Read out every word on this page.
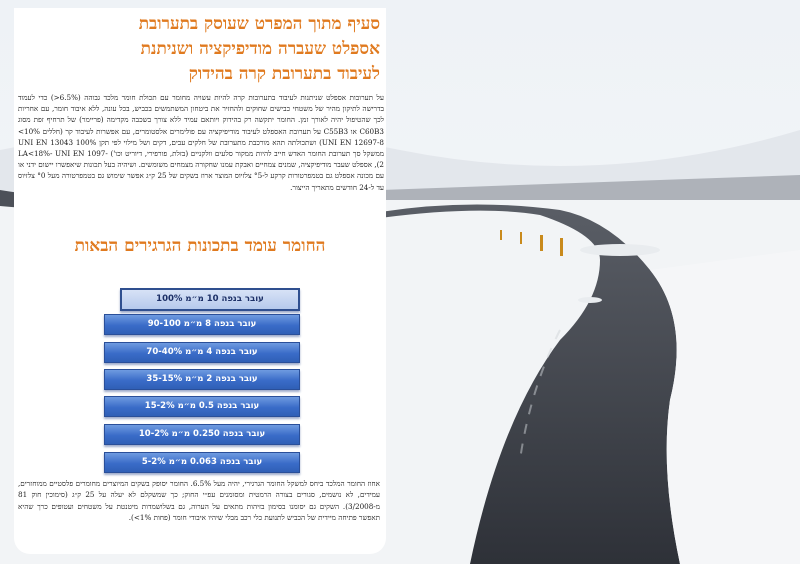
סעיף מתוך המפרט שעוסק בתערובת
אספלט שעברה מודיפיקציה ושניתנת
לעיבוד בתערובת קרה בהידוק
על תערובות אספלט שניתנות לעיבוד בתערובות קרה להיות עשויה מחומר עם תכולת חומר מלכד גבוהה (6.5%<) כדי לעמוד בדרישה לתיקון מהיר של משטחי כבישים שחוקים ולהחזיר את ביטחון המשתמשים בכביש, בכל עונה, ללא איבוד חומר, עם אחריות לכך שהטיפול יהיה לאורך זמן. החומר יתקשה רק בהידוק ויותאם עמיד ללא צורך בשכבה מקדימה (פריימר) של תרחיף זפת מסוג C60B3 או C55B3 על תערובת האספלט לעיבוד מודיפיקציה עם פולימרים אלסטומרים, עם אפשרות לעיבוד קר (חללים 10%> UNI EN 12697-8) ושתכולתה תהא מורכבת מתערובת של חלקים עבים, דקים ושל מילוי לפי תקן UNI EN 13043 100% ממשקל סך תערובת החומר האדש חייב להיות ממקור סלעים וולקניים (בזלת, פורפירי, דיוריט וכו') LA<18%- UNI EN 1097-2), אספלט שעבר מודיפיקציה, שמנים צמחיים ואבקת עמנו שחקורה מצמחים משומשים. ושיהיה בעל תכונות שיאפשרו יישום ידני או עם מכונה אספלט גם בטמפרטורות קרקע ל-°5 צלזיוס המוצר ארוז בשקים של 25 ק״ג אפשר שימוש גם בטמפרטורה מעל °0 צלזיוס עד ל-24 חודשים מתאריך הייצור.
החומר עומד בתכונות הגרגירים הבאות
עובר בנפה 10 מ״מ 100%
עובר בנפה 8 מ״מ 90-100
עובר בנפה 4 מ״מ 40%-70
עובר בנפה 2 מ״מ 15%-35
עובר בנפה 0.5 מ״מ 2%-15
עובר בנפה 0.250 מ״מ 2%-10
עובר בנפה 0.063 מ״מ 2%-5
אחוז החומר המלכד ביחס למשקל החומר הגרגירי, יהיה מעל 6.5%. החומר יסופק בשקים המיוצרים מחומרים פלסטיים ממוחזרים, עמידים, לא נושמים, סגורים בצורה הרמטית ומסומנים עפ״י החוק; כך שמשקלם לא יעלה על 25 ק״ג (סימוכין חוק 81 מ-3/2008). השקים גם יסומנו בסימון בזיהות מתאים על הערוה, גם בשלושמדות מיטנטת על משטחים ועטופים כרך שהיא תאפשר פתיחה מיידית של הכביש לתנועת כלי רכב מבלי שיהיו איבודי חומר (פחות 1%>).
